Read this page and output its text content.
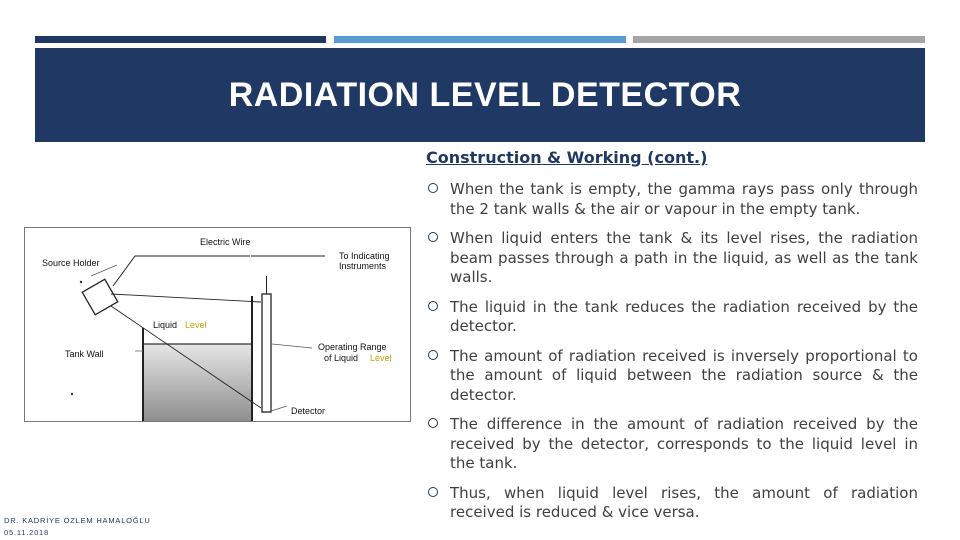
RADIATION LEVEL DETECTOR

Construction & Working (cont.)

When the tank is empty, the gamma rays pass only through the 2 tank walls & the air or vapour in the empty tank.
When liquid enters the tank & its level rises, the radiation beam passes through a path in the liquid, as well as the tank walls.
The liquid in the tank reduces the radiation received by the detector.
The amount of radiation received is inversely proportional to the amount of liquid between the radiation source & the detector.
The difference in the amount of radiation received by the received by the detector, corresponds to the liquid level in the tank.
Thus, when liquid level rises, the amount of radiation received is reduced & vice versa.
Electric Wire
To Indicating
Instruments
Source Holder
Liquid Level
Tank Wall
Operating Range
of Liquid Level
Detector
DR. KADRİYE ÖZLEM HAMALOĞLU
05.11.2018
